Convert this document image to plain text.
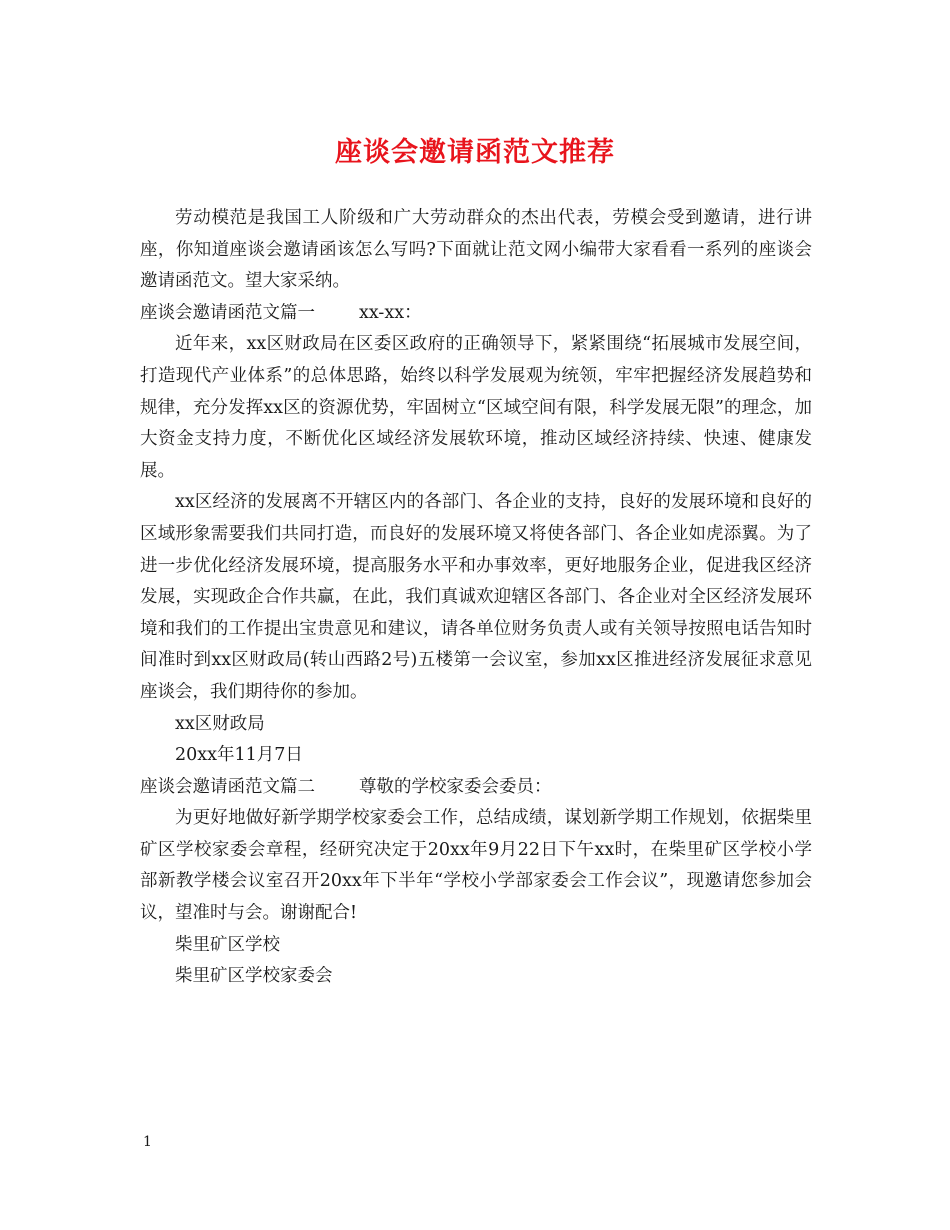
座谈会邀请函范文推荐

劳动模范是我国工人阶级和广大劳动群众的杰出代表，劳模会受到邀请，进行讲座，你知道座谈会邀请函该怎么写吗?下面就让范文网小编带大家看看一系列的座谈会邀请函范文。望大家采纳。

座谈会邀请函范文篇一	xx-xx：

近年来，xx区财政局在区委区政府的正确领导下，紧紧围绕“拓展城市发展空间，打造现代产业体系”的总体思路，始终以科学发展观为统领，牢牢把握经济发展趋势和规律，充分发挥xx区的资源优势，牢固树立“区域空间有限，科学发展无限”的理念，加大资金支持力度，不断优化区域经济发展软环境，推动区域经济持续、快速、健康发展。

xx区经济的发展离不开辖区内的各部门、各企业的支持，良好的发展环境和良好的区域形象需要我们共同打造，而良好的发展环境又将使各部门、各企业如虎添翼。为了进一步优化经济发展环境，提高服务水平和办事效率，更好地服务企业，促进我区经济发展，实现政企合作共赢，在此，我们真诚欢迎辖区各部门、各企业对全区经济发展环境和我们的工作提出宝贵意见和建议，请各单位财务负责人或有关领导按照电话告知时间准时到xx区财政局(转山西路2号)五楼第一会议室，参加xx区推进经济发展征求意见座谈会，我们期待你的参加。

xx区财政局

20xx年11月7日

座谈会邀请函范文篇二	尊敬的学校家委会委员：

为更好地做好新学期学校家委会工作，总结成绩，谋划新学期工作规划，依据柴里矿区学校家委会章程，经研究决定于20xx年9月22日下午xx时，在柴里矿区学校小学部新教学楼会议室召开20xx年下半年“学校小学部家委会工作会议”，现邀请您参加会议，望准时与会。谢谢配合!

柴里矿区学校

柴里矿区学校家委会

1
